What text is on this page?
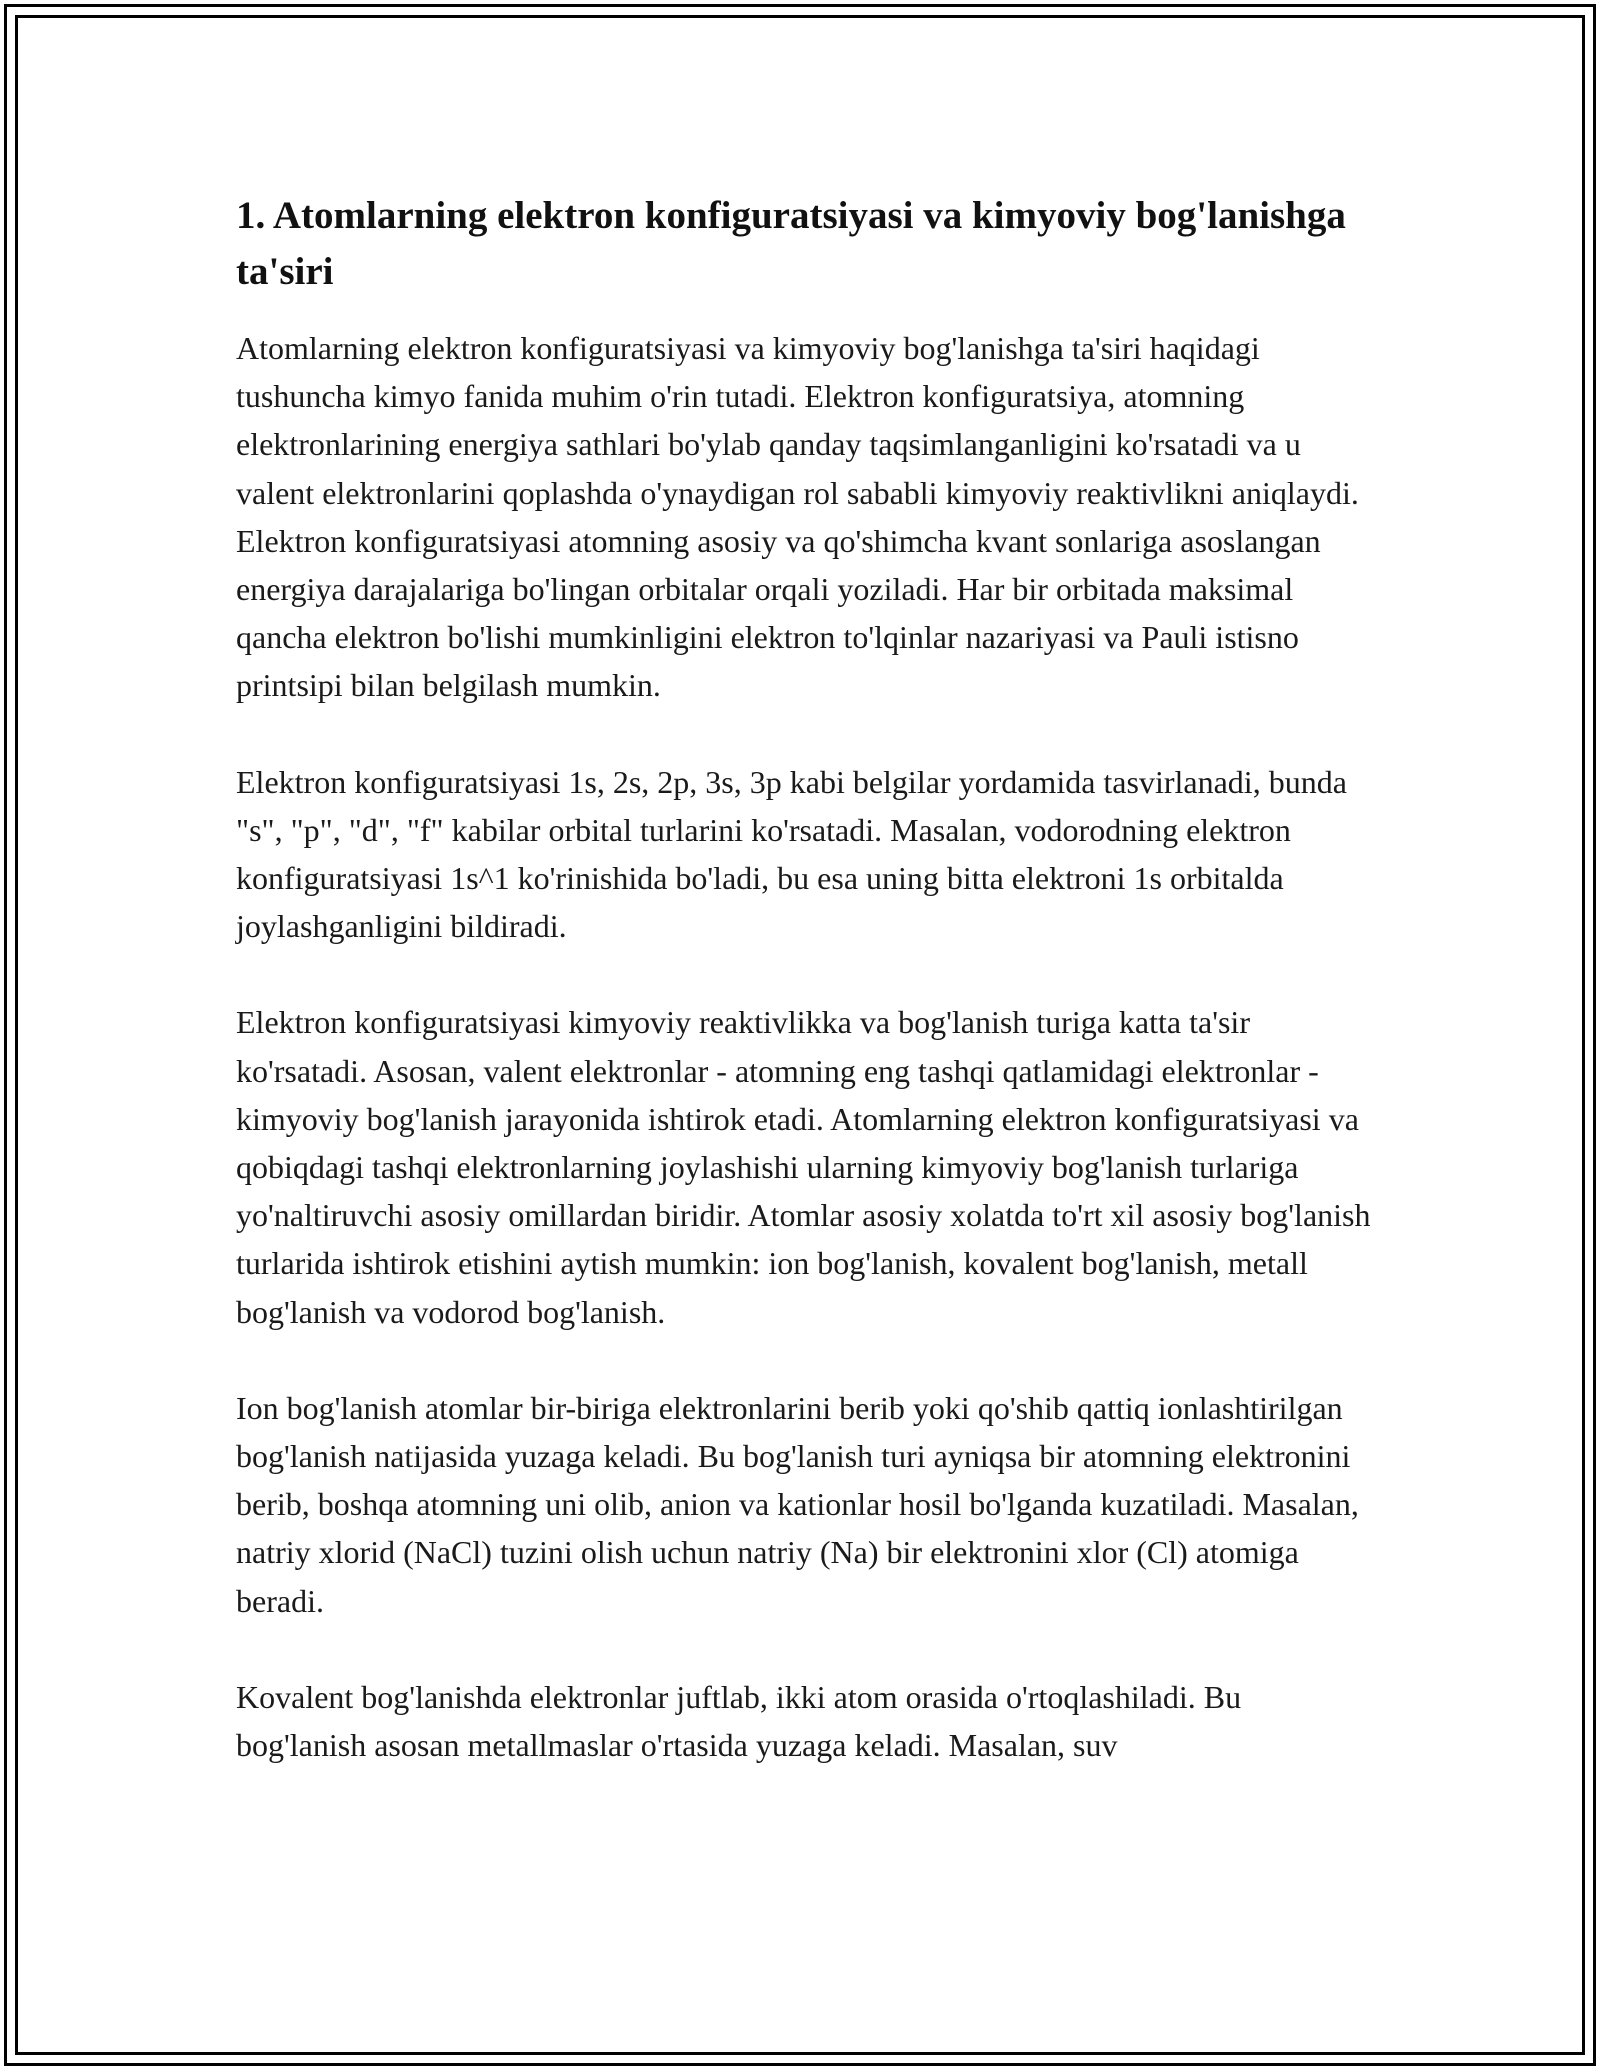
1. Atomlarning elektron konfiguratsiyasi va kimyoviy bog'lanishga ta'siri

Atomlarning elektron konfiguratsiyasi va kimyoviy bog'lanishga ta'siri haqidagi tushuncha kimyo fanida muhim o'rin tutadi. Elektron konfiguratsiya, atomning elektronlarining energiya sathlari bo'ylab qanday taqsimlanganligini ko'rsatadi va u valent elektronlarini qoplashda o'ynaydigan rol sababli kimyoviy reaktivlikni aniqlaydi. Elektron konfiguratsiyasi atomning asosiy va qo'shimcha kvant sonlariga asoslangan energiya darajalariga bo'lingan orbitalar orqali yoziladi. Har bir orbitada maksimal qancha elektron bo'lishi mumkinligini elektron to'lqinlar nazariyasi va Pauli istisno printsipi bilan belgilash mumkin.

Elektron konfiguratsiyasi 1s, 2s, 2p, 3s, 3p kabi belgilar yordamida tasvirlanadi, bunda "s", "p", "d", "f" kabilar orbital turlarini ko'rsatadi. Masalan, vodorodning elektron konfiguratsiyasi 1s^1 ko'rinishida bo'ladi, bu esa uning bitta elektroni 1s orbitalda joylashganligini bildiradi.

Elektron konfiguratsiyasi kimyoviy reaktivlikka va bog'lanish turiga katta ta'sir ko'rsatadi. Asosan, valent elektronlar - atomning eng tashqi qatlamidagi elektronlar - kimyoviy bog'lanish jarayonida ishtirok etadi. Atomlarning elektron konfiguratsiyasi va qobiqdagi tashqi elektronlarning joylashishi ularning kimyoviy bog'lanish turlariga yo'naltiruvchi asosiy omillardan biridir. Atomlar asosiy xolatda to'rt xil asosiy bog'lanish turlarida ishtirok etishini aytish mumkin: ion bog'lanish, kovalent bog'lanish, metall bog'lanish va vodorod bog'lanish.

Ion bog'lanish atomlar bir-biriga elektronlarini berib yoki qo'shib qattiq ionlashtirilgan bog'lanish natijasida yuzaga keladi. Bu bog'lanish turi ayniqsa bir atomning elektronini berib, boshqa atomning uni olib, anion va kationlar hosil bo'lganda kuzatiladi. Masalan, natriy xlorid (NaCl) tuzini olish uchun natriy (Na) bir elektronini xlor (Cl) atomiga beradi.

Kovalent bog'lanishda elektronlar juftlab, ikki atom orasida o'rtoqlashiladi. Bu bog'lanish asosan metallmaslar o'rtasida yuzaga keladi. Masalan, suv
